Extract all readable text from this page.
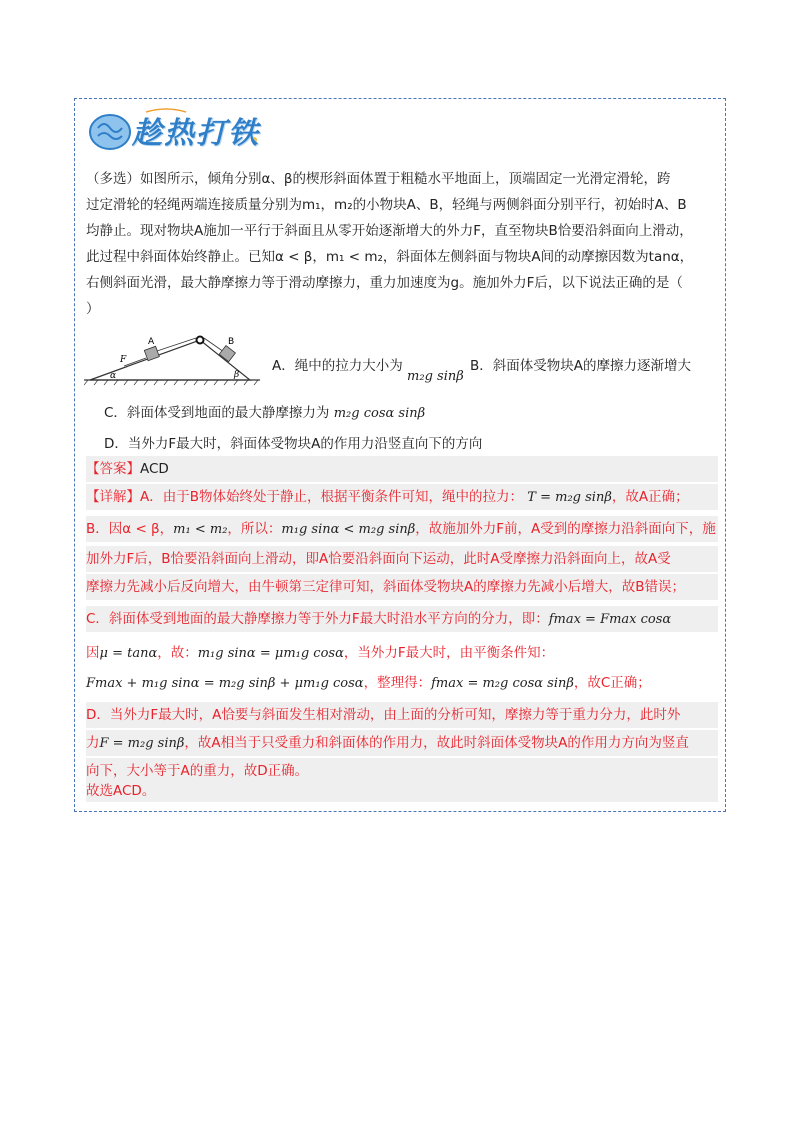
趁热打铁

（多选）如图所示，倾角分别α、β的楔形斜面体置于粗糙水平地面上，顶端固定一光滑定滑轮，跨

过定滑轮的轻绳两端连接质量分别为m₁，m₂的小物块A、B，轻绳与两侧斜面分别平行，初始时A、B

均静止。现对物块A施加一平行于斜面且从零开始逐渐增大的外力F，直至物块B恰要沿斜面向上滑动，

此过程中斜面体始终静止。已知α < β，m₁ < m₂，斜面体左侧斜面与物块A间的动摩擦因数为tanα，

右侧斜面光滑，最大静摩擦力等于滑动摩擦力，重力加速度为g。施加外力F后，以下说法正确的是（

）

A	B
F
α	β
A．绳中的拉力大小为 m₂g sinβ
B．斜面体受物块A的摩擦力逐渐增大
C．斜面体受到地面的最大静摩擦力为 m₂g cosα sinβ
D．当外力F最大时，斜面体受物块A的作用力沿竖直向下的方向
【答案】ACD
【详解】A．由于B物体始终处于静止，根据平衡条件可知，绳中的拉力： T = m₂g sinβ，故A正确；
B．因α < β，m₁ < m₂，所以：m₁g sinα < m₂g sinβ，故施加外力F前，A受到的摩擦力沿斜面向下，施
加外力F后，B恰要沿斜面向上滑动，即A恰要沿斜面向下运动，此时A受摩擦力沿斜面向上，故A受
摩擦力先减小后反向增大，由牛顿第三定律可知，斜面体受物块A的摩擦力先减小后增大，故B错误；
C．斜面体受到地面的最大静摩擦力等于外力F最大时沿水平方向的分力，即：fmax = Fmax cosα
因μ = tanα，故：m₁g sinα = μm₁g cosα，当外力F最大时，由平衡条件知：
Fmax + m₁g sinα = m₂g sinβ + μm₁g cosα，整理得：fmax = m₂g cosα sinβ，故C正确；
D．当外力F最大时，A恰要与斜面发生相对滑动，由上面的分析可知，摩擦力等于重力分力，此时外
力F = m₂g sinβ，故A相当于只受重力和斜面体的作用力，故此时斜面体受物块A的作用力方向为竖直
向下，大小等于A的重力，故D正确。
故选ACD。
